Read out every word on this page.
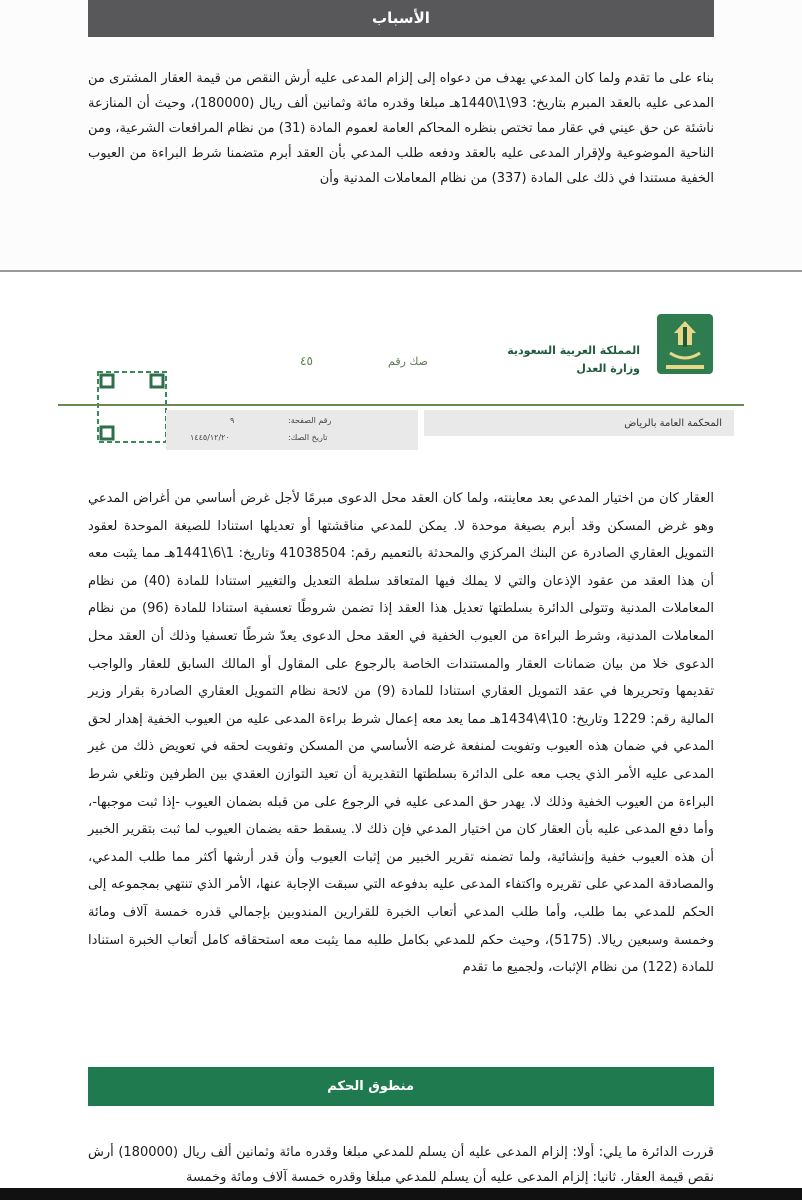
الأسباب
بناء على ما تقدم ولما كان المدعي يهدف من دعواه إلى إلزام المدعى عليه أرش النقص من قيمة العقار المشترى من المدعى عليه بالعقد المبرم بتاريخ: 93\1\1440هـ مبلغا وقدره مائة وثمانين ألف ريال (180000)، وحيث أن المنازعة ناشئة عن حق عيني في عقار مما تختص بنظره المحاكم العامة لعموم المادة (31) من نظام المرافعات الشرعية، ومن الناحية الموضوعية ولإقرار المدعى عليه بالعقد ودفعه طلب المدعي بأن العقد أبرم متضمنا شرط البراءة من العيوب الخفية مستندا في ذلك على المادة (337) من نظام المعاملات المدنية وأن
المملكة العربية السعودية
وزارة العدل
صك رقم
٤٥
المحكمة العامة بالرياض
رقم الصفحة:
٩
تاريخ الصك:
١٤٤٥/١٢/٢٠
العقار كان من اختيار المدعي بعد معاينته، ولما كان العقد محل الدعوى مبرمًا لأجل غرض أساسي من أغراض المدعي وهو غرض المسكن وقد أبرم بصيغة موحدة لا. يمكن للمدعي مناقشتها أو تعديلها استنادا للصيغة الموحدة لعقود التمويل العقاري الصادرة عن البنك المركزي والمحدثة بالتعميم رقم: 41038504 وتاريخ: 1\6\1441هـ مما يثبت معه أن هذا العقد من عقود الإذعان والتي لا يملك فيها المتعاقد سلطة التعديل والتغيير استنادا للمادة (40) من نظام المعاملات المدنية وتتولى الدائرة بسلطتها تعديل هذا العقد إذا تضمن شروطًا تعسفية استنادا للمادة (96) من نظام المعاملات المدنية، وشرط البراءة من العيوب الخفية في العقد محل الدعوى يعدّ شرطًا تعسفيا وذلك أن العقد محل الدعوى خلا من بيان ضمانات العقار والمستندات الخاصة بالرجوع على المقاول أو المالك السابق للعقار والواجب تقديمها وتحريرها في عقد التمويل العقاري استنادا للمادة (9) من لائحة نظام التمويل العقاري الصادرة بقرار وزير المالية رقم: 1229 وتاريخ: 10\4\1434هـ مما يعد معه إعمال شرط براءة المدعى عليه من العيوب الخفية إهدار لحق المدعي في ضمان هذه العيوب وتفويت لمنفعة غرضه الأساسي من المسكن وتفويت لحقه في تعويض ذلك من غير المدعى عليه الأمر الذي يجب معه على الدائرة بسلطتها التقديرية أن تعيد التوازن العقدي بين الطرفين وتلغي شرط البراءة من العيوب الخفية وذلك لا. يهدر حق المدعى عليه في الرجوع على من قبله بضمان العيوب -إذا ثبت موجبها-، وأما دفع المدعى عليه بأن العقار كان من اختيار المدعي فإن ذلك لا. يسقط حقه بضمان العيوب لما ثبت بتقرير الخبير أن هذه العيوب خفية وإنشائية، ولما تضمنه تقرير الخبير من إثبات العيوب وأن قدر أرشها أكثر مما طلب المدعي، والمصادقة المدعي على تقريره واكتفاء المدعى عليه بدفوعه التي سبقت الإجابة عنها، الأمر الذي تنتهي بمجموعه إلى الحكم للمدعي بما طلب، وأما طلب المدعي أتعاب الخبرة للقرارين المندوبين بإجمالي قدره خمسة آلاف ومائة وخمسة وسبعين ريالا. (5175)، وحيث حكم للمدعي بكامل طلبه مما يثبت معه استحقاقه كامل أتعاب الخبرة استنادا للمادة (122) من نظام الإثبات، ولجميع ما تقدم
منطوق الحكم
قررت الدائرة ما يلي: أولا: إلزام المدعى عليه أن يسلم للمدعي مبلغا وقدره مائة وثمانين ألف ريال (180000) أرش نقص قيمة العقار. ثانيا: إلزام المدعى عليه أن يسلم للمدعي مبلغا وقدره خمسة آلاف ومائة وخمسة
